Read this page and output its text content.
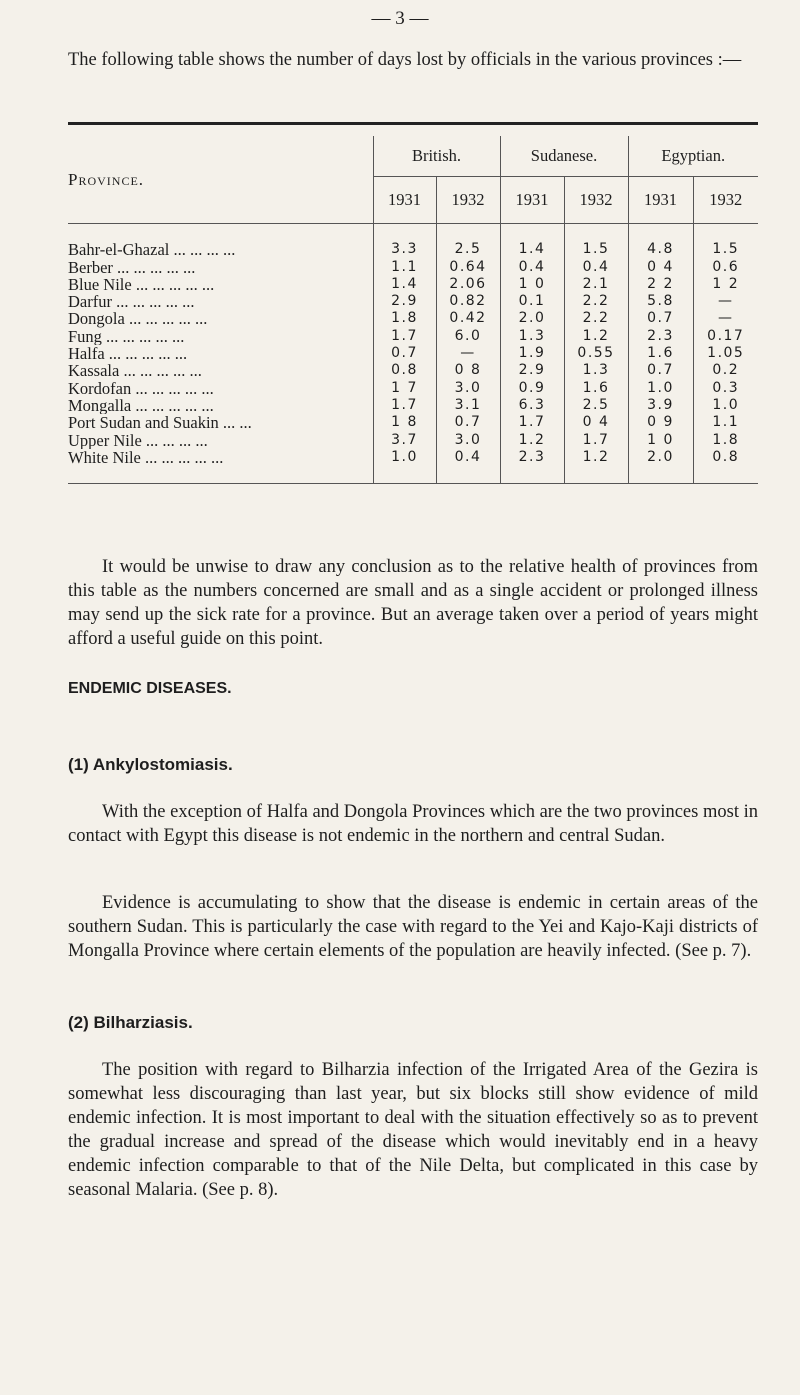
— 3 —
The following table shows the number of days lost by officials in the various provinces :—
Province.	British.		Sudanese.		Egyptian.	
	1931	1932	1931	1932	1931	1932

Bahr-el-Ghazal ... ... ... ...	3.3	2.5	1.4	1.5	4.8	1.5
Berber ... ... ... ... ...	1.1	0.64	0.4	0.4	0 4	0.6
Blue Nile ... ... ... ... ...	1.4	2.06	1 0	2.1	2 2	1 2
Darfur ... ... ... ... ...	2.9	0.82	0.1	2.2	5.8	—
Dongola ... ... ... ... ...	1.8	0.42	2.0	2.2	0.7	—
Fung ... ... ... ... ...	1.7	6.0	1.3	1.2	2.3	0.17
Halfa ... ... ... ... ...	0.7	—	1.9	0.55	1.6	1.05
Kassala ... ... ... ... ...	0.8	0 8	2.9	1.3	0.7	0.2
Kordofan ... ... ... ... ...	1 7	3.0	0.9	1.6	1.0	0.3
Mongalla ... ... ... ... ...	1.7	3.1	6.3	2.5	3.9	1.0
Port Sudan and Suakin ... ...	1 8	0.7	1.7	0 4	0 9	1.1
Upper Nile ... ... ... ...	3.7	3.0	1.2	1.7	1 0	1.8
White Nile ... ... ... ... ...	1.0	0.4	2.3	1.2	2.0	0.8

It would be unwise to draw any conclusion as to the relative health of provinces from this table as the numbers concerned are small and as a single accident or prolonged illness may send up the sick rate for a province. But an average taken over a period of years might afford a useful guide on this point.
ENDEMIC DISEASES.
(1) Ankylostomiasis.
With the exception of Halfa and Dongola Provinces which are the two provinces most in contact with Egypt this disease is not endemic in the northern and central Sudan.
Evidence is accumulating to show that the disease is endemic in certain areas of the southern Sudan. This is particularly the case with regard to the Yei and Kajo-Kaji districts of Mongalla Province where certain elements of the population are heavily infected. (See p. 7).
(2) Bilharziasis.
The position with regard to Bilharzia infection of the Irrigated Area of the Gezira is somewhat less discouraging than last year, but six blocks still show evidence of mild endemic infection. It is most important to deal with the situation effectively so as to prevent the gradual increase and spread of the disease which would inevitably end in a heavy endemic infection comparable to that of the Nile Delta, but complicated in this case by seasonal Malaria. (See p. 8).
